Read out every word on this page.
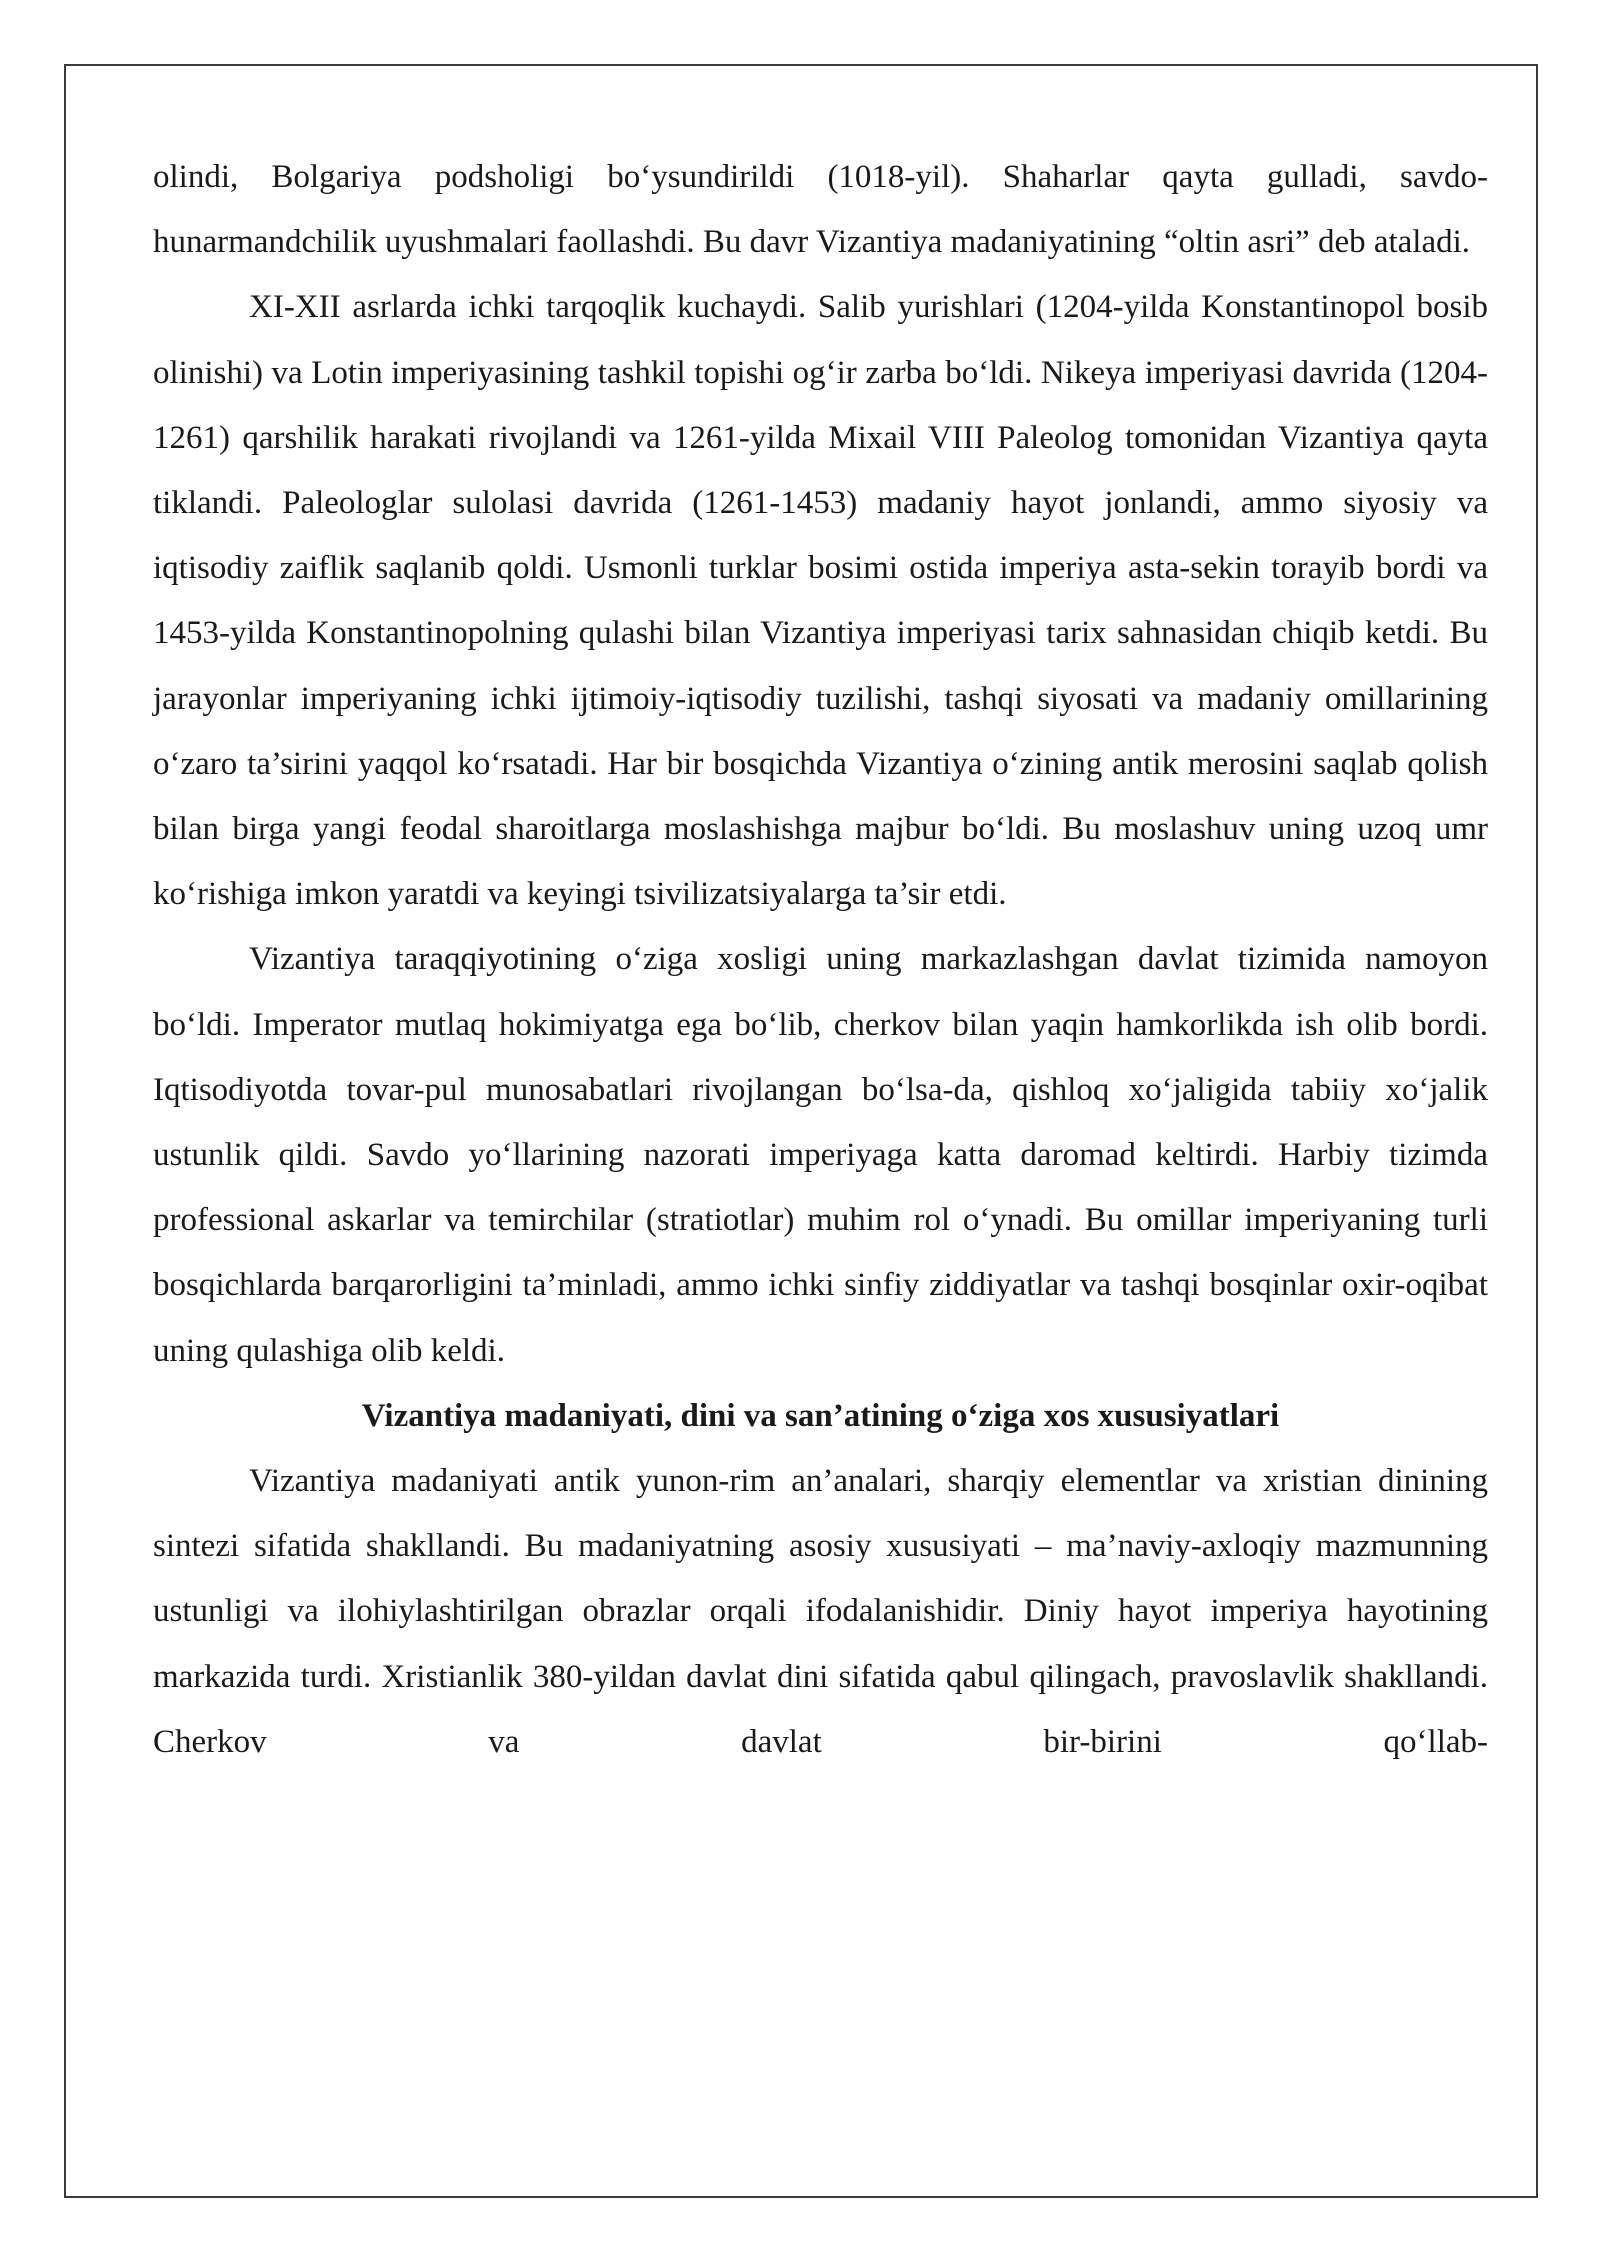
olindi, Bolgariya podsholigi bo‘ysundirildi (1018-yil). Shaharlar qayta gulladi, savdo-hunarmandchilik uyushmalari faollashdi. Bu davr Vizantiya madaniyatining “oltin asri” deb ataladi.

XI-XII asrlarda ichki tarqoqlik kuchaydi. Salib yurishlari (1204-yilda Konstantinopol bosib olinishi) va Lotin imperiyasining tashkil topishi og‘ir zarba bo‘ldi. Nikeya imperiyasi davrida (1204-1261) qarshilik harakati rivojlandi va 1261-yilda Mixail VIII Paleolog tomonidan Vizantiya qayta tiklandi. Paleologlar sulolasi davrida (1261-1453) madaniy hayot jonlandi, ammo siyosiy va iqtisodiy zaiflik saqlanib qoldi. Usmonli turklar bosimi ostida imperiya asta-sekin torayib bordi va 1453-yilda Konstantinopolning qulashi bilan Vizantiya imperiyasi tarix sahnasidan chiqib ketdi. Bu jarayonlar imperiyaning ichki ijtimoiy-iqtisodiy tuzilishi, tashqi siyosati va madaniy omillarining o‘zaro ta’sirini yaqqol ko‘rsatadi. Har bir bosqichda Vizantiya o‘zining antik merosini saqlab qolish bilan birga yangi feodal sharoitlarga moslashishga majbur bo‘ldi. Bu moslashuv uning uzoq umr ko‘rishiga imkon yaratdi va keyingi tsivilizatsiyalarga ta’sir etdi.

Vizantiya taraqqiyotining o‘ziga xosligi uning markazlashgan davlat tizimida namoyon bo‘ldi. Imperator mutlaq hokimiyatga ega bo‘lib, cherkov bilan yaqin hamkorlikda ish olib bordi. Iqtisodiyotda tovar-pul munosabatlari rivojlangan bo‘lsa-da, qishloq xo‘jaligida tabiiy xo‘jalik ustunlik qildi. Savdo yo‘llarining nazorati imperiyaga katta daromad keltirdi. Harbiy tizimda professional askarlar va temirchilar (stratiotlar) muhim rol o‘ynadi. Bu omillar imperiyaning turli bosqichlarda barqarorligini ta’minladi, ammo ichki sinfiy ziddiyatlar va tashqi bosqinlar oxir-oqibat uning qulashiga olib keldi.

Vizantiya madaniyati, dini va san’atining o‘ziga xos xususiyatlari

Vizantiya madaniyati antik yunon-rim an’analari, sharqiy elementlar va xristian dinining sintezi sifatida shakllandi. Bu madaniyatning asosiy xususiyati – ma’naviy-axloqiy mazmunning ustunligi va ilohiylashtirilgan obrazlar orqali ifodalanishidir. Diniy hayot imperiya hayotining markazida turdi. Xristianlik 380-yildan davlat dini sifatida qabul qilingach, pravoslavlik shakllandi. Cherkov va davlat bir-birini qo‘llab-
